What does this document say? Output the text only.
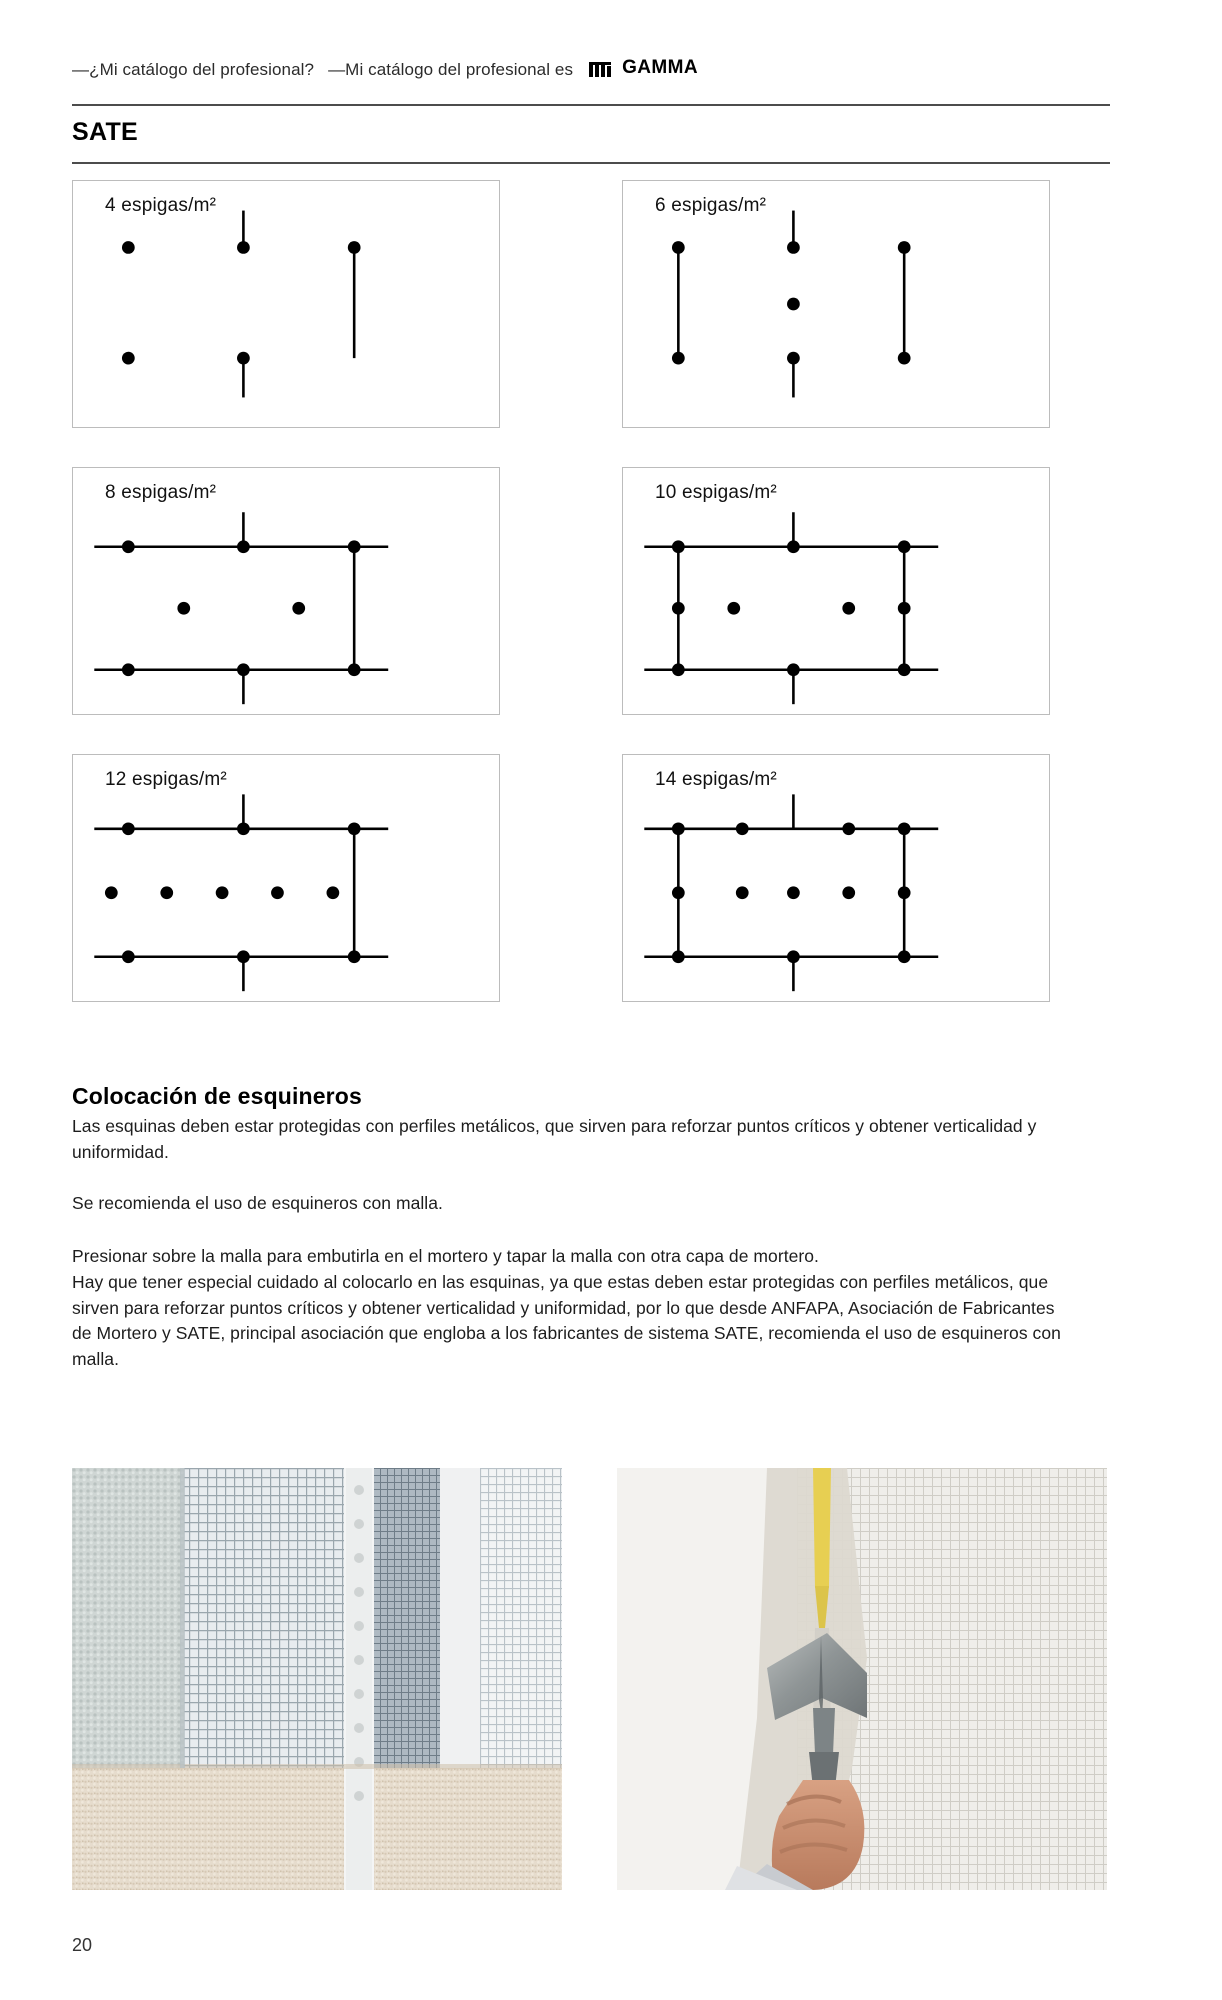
—¿Mi catálogo del profesional? —Mi catálogo del profesional es	GAMMA
SATE
4 espigas/m²	6 espigas/m²
8 espigas/m²	10 espigas/m²
12 espigas/m²	14 espigas/m²
Colocación de esquineros

Las esquinas deben estar protegidas con perfiles metálicos, que sirven para reforzar puntos críticos y obtener verticalidad y uniformidad.

Se recomienda el uso de esquineros con malla.

Presionar sobre la malla para embutirla en el mortero y tapar la malla con otra capa de mortero.

Hay que tener especial cuidado al colocarlo en las esquinas, ya que estas deben estar protegidas con perfiles metálicos, que sirven para reforzar puntos críticos y obtener verticalidad y uniformidad, por lo que desde ANFAPA, Asociación de Fabricantes de Mortero y SATE, principal asociación que engloba a los fabricantes de sistema SATE, recomienda el uso de esquineros con malla.

20
